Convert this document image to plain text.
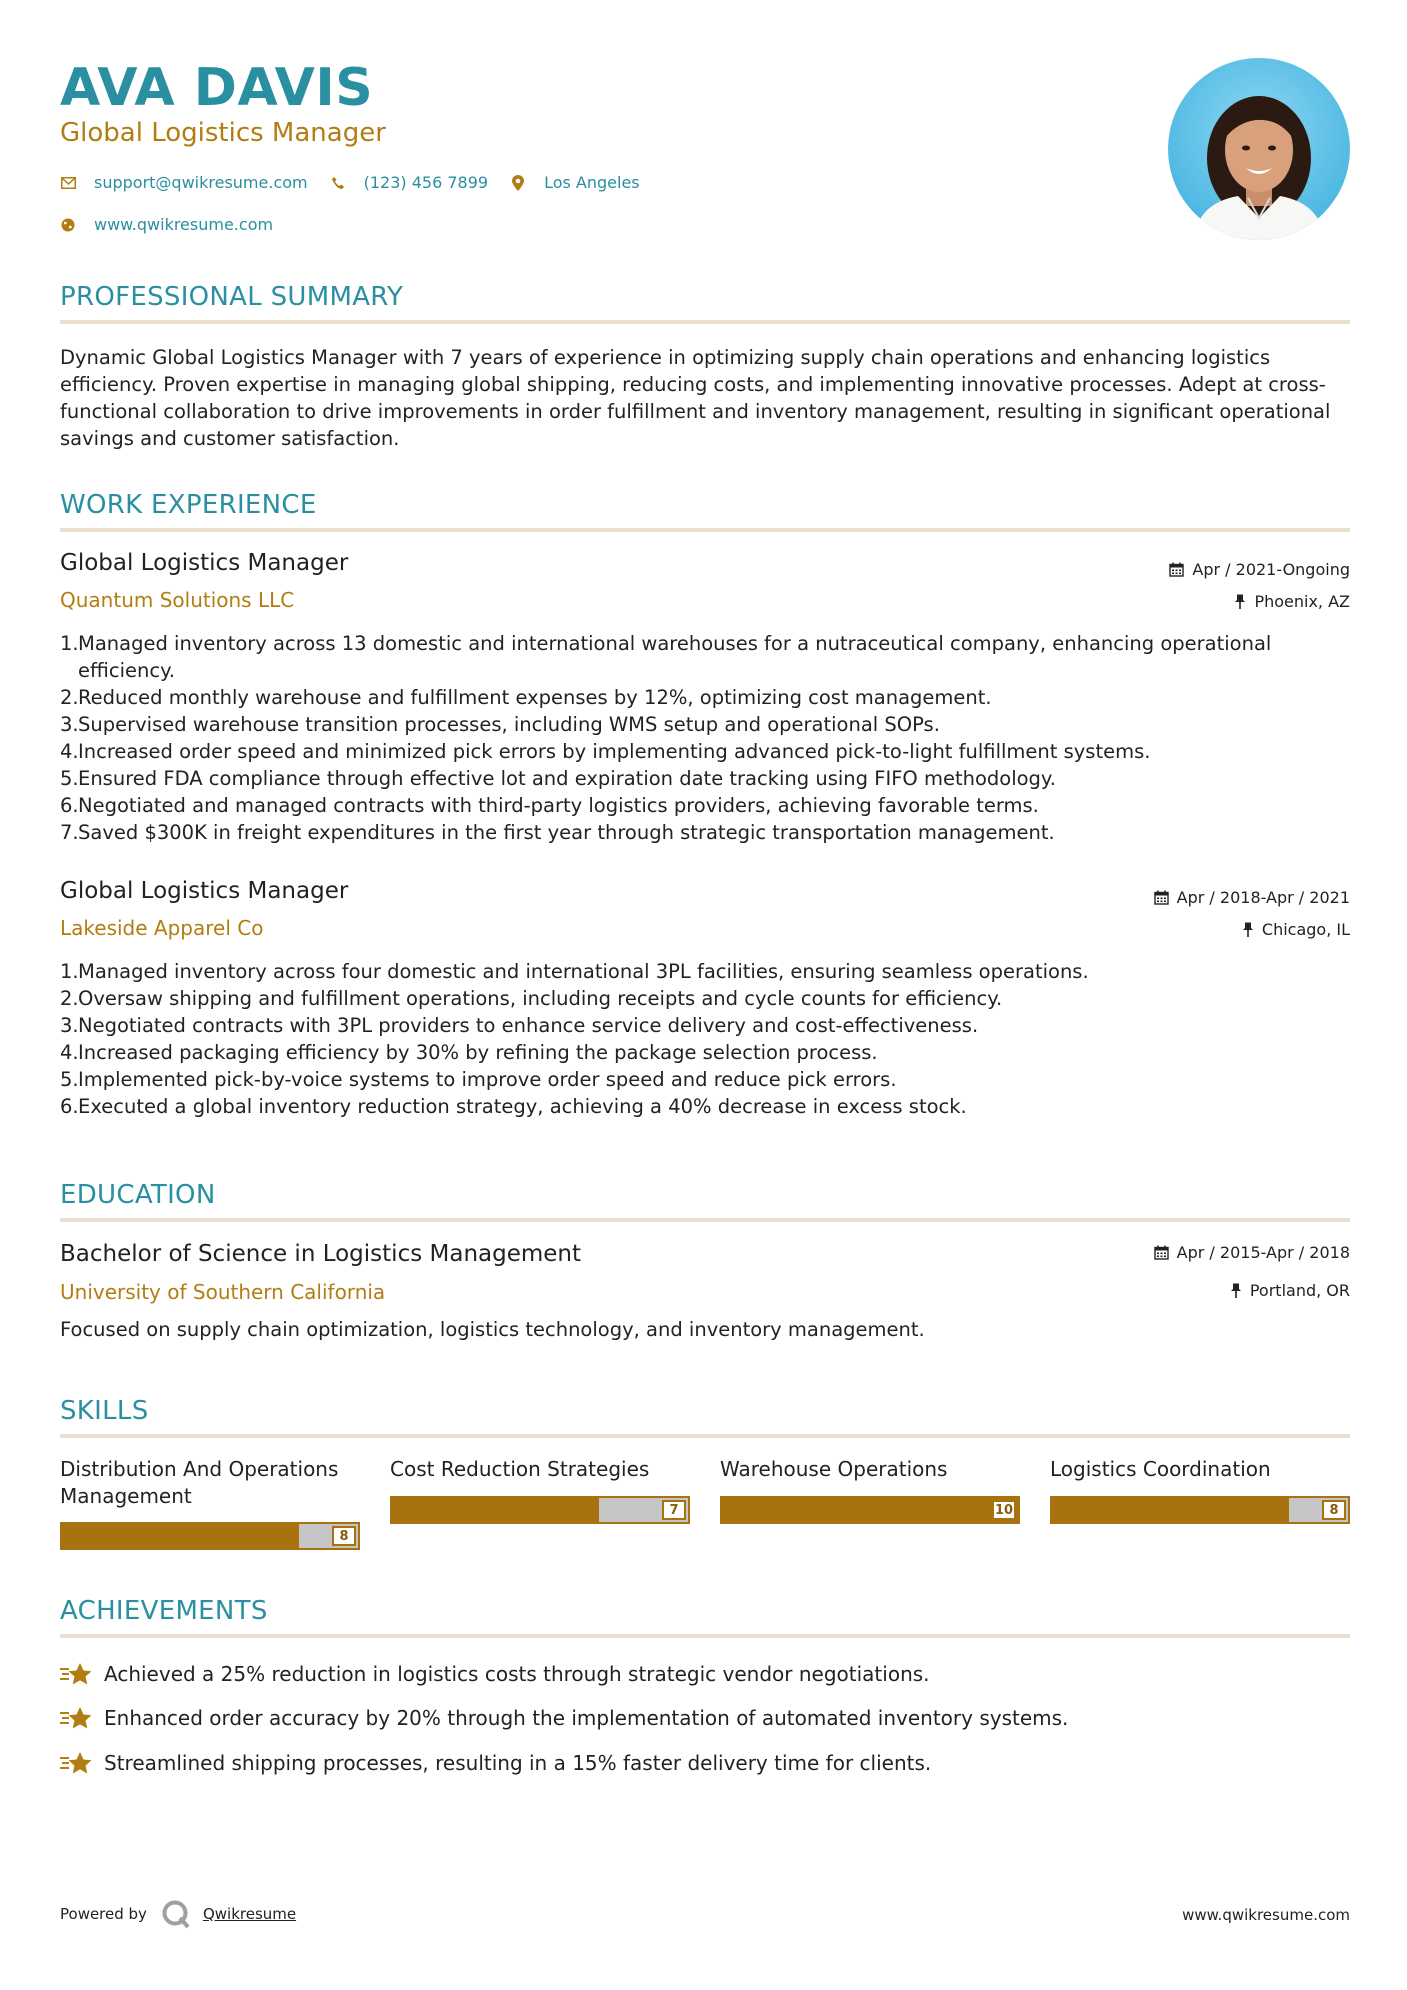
AVA DAVIS
Global Logistics Manager
support@qwikresume.com	(123) 456 7899	Los Angeles
www.qwikresume.com
PROFESSIONAL SUMMARY
Dynamic Global Logistics Manager with 7 years of experience in optimizing supply chain operations and enhancing logistics efficiency. Proven expertise in managing global shipping, reducing costs, and implementing innovative processes. Adept at cross-functional collaboration to drive improvements in order fulfillment and inventory management, resulting in significant operational savings and customer satisfaction.
WORK EXPERIENCE
Global Logistics Manager	Apr / 2021-Ongoing
Quantum Solutions LLC	Phoenix, AZ
1. Managed inventory across 13 domestic and international warehouses for a nutraceutical company, enhancing operational efficiency.
2. Reduced monthly warehouse and fulfillment expenses by 12%, optimizing cost management.
3. Supervised warehouse transition processes, including WMS setup and operational SOPs.
4. Increased order speed and minimized pick errors by implementing advanced pick-to-light fulfillment systems.
5. Ensured FDA compliance through effective lot and expiration date tracking using FIFO methodology.
6. Negotiated and managed contracts with third-party logistics providers, achieving favorable terms.
7. Saved $300K in freight expenditures in the first year through strategic transportation management.
Global Logistics Manager	Apr / 2018-Apr / 2021
Lakeside Apparel Co	Chicago, IL
1. Managed inventory across four domestic and international 3PL facilities, ensuring seamless operations.
2. Oversaw shipping and fulfillment operations, including receipts and cycle counts for efficiency.
3. Negotiated contracts with 3PL providers to enhance service delivery and cost-effectiveness.
4. Increased packaging efficiency by 30% by refining the package selection process.
5. Implemented pick-by-voice systems to improve order speed and reduce pick errors.
6. Executed a global inventory reduction strategy, achieving a 40% decrease in excess stock.
EDUCATION
Bachelor of Science in Logistics Management	Apr / 2015-Apr / 2018
University of Southern California	Portland, OR
Focused on supply chain optimization, logistics technology, and inventory management.
SKILLS
Distribution And Operations Management
8
Cost Reduction Strategies
7
Warehouse Operations
10
Logistics Coordination
8
ACHIEVEMENTS
Achieved a 25% reduction in logistics costs through strategic vendor negotiations.
Enhanced order accuracy by 20% through the implementation of automated inventory systems.
Streamlined shipping processes, resulting in a 15% faster delivery time for clients.
Powered by	Qwikresume	www.qwikresume.com
